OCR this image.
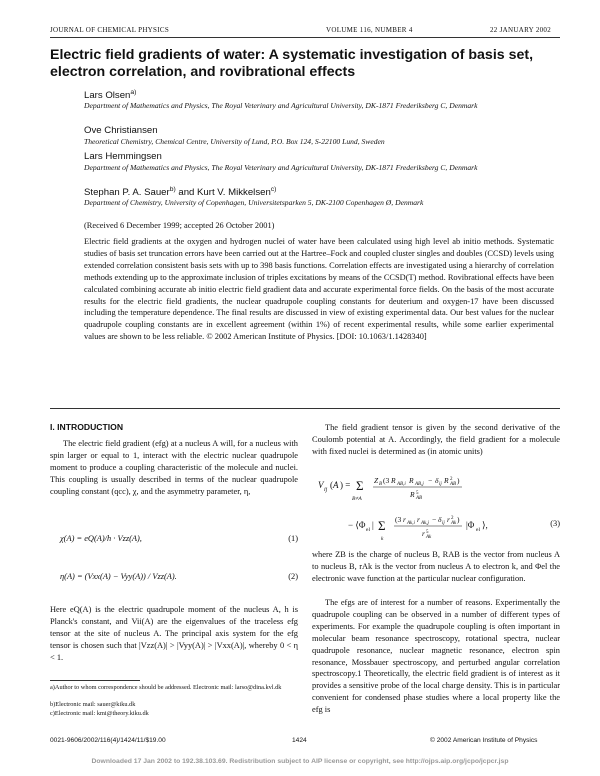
JOURNAL OF CHEMICAL PHYSICS	VOLUME 116, NUMBER 4	22 JANUARY 2002
Electric field gradients of water: A systematic investigation of basis set, electron correlation, and rovibrational effects
Lars Olsen$^{a)}$
Department of Mathematics and Physics, The Royal Veterinary and Agricultural University, DK-1871 Frederiksberg C, Denmark
Ove Christiansen
Theoretical Chemistry, Chemical Centre, University of Lund, P.O. Box 124, S-22100 Lund, Sweden
Lars Hemmingsen
Department of Mathematics and Physics, The Royal Veterinary and Agricultural University, DK-1871 Frederiksberg C, Denmark
Stephan P. A. Sauer$^{b)}$ and Kurt V. Mikkelsen$^{c)}$
Department of Chemistry, University of Copenhagen, Universitetsparken 5, DK-2100 Copenhagen Ø, Denmark
(Received 6 December 1999; accepted 26 October 2001)
Electric field gradients at the oxygen and hydrogen nuclei of water have been calculated using high level ab initio methods. Systematic studies of basis set truncation errors have been carried out at the Hartree–Fock and coupled cluster singles and doubles (CCSD) levels using extended correlation consistent basis sets with up to 398 basis functions. Correlation effects are investigated using a hierarchy of correlation methods extending up to the approximate inclusion of triples excitations by means of the CCSD(T) method. Rovibrational effects have been calculated combining accurate ab initio electric field gradient data and accurate experimental force fields. On the basis of the most accurate results for the electric field gradients, the nuclear quadrupole coupling constants for deuterium and oxygen-17 have been discussed including the temperature dependence. The final results are discussed in view of existing experimental data. Our best values for the nuclear quadrupole coupling constants are in excellent agreement (within 1%) of recent experimental results, while some earlier experimental values are shown to be less reliable. © 2002 American Institute of Physics. [DOI: 10.1063/1.1428340]
I. INTRODUCTION

The electric field gradient (efg) at a nucleus A will, for a nucleus with spin larger or equal to 1, interact with the electric nuclear quadrupole moment to produce a coupling characteristic of the molecule and nuclei. This coupling is usually described in terms of the nuclear quadrupole coupling constant (qcc), χ, and the asymmetry parameter, η,

χ(A) = eQ(A)/h · Vzz(A),	(1)
η(A) = (Vxx(A) − Vyy(A)) / Vzz(A).	(2)

Here eQ(A) is the electric quadrupole moment of the nucleus A, h is Planck's constant, and Vii(A) are the eigenvalues of the traceless efg tensor at the site of nucleus A. The principal axis system for the efg tensor is chosen such that |Vzz(A)| > |Vyy(A)| > |Vxx(A)|, whereby 0 < η < 1.

a)Author to whom correspondence should be addressed. Electronic mail: larso@dina.kvl.dk
b)Electronic mail: sauer@kiku.dk
c)Electronic mail: kmi@theory.kiku.dk

The field gradient tensor is given by the second derivative of the Coulomb potential at A. Accordingly, the field gradient for a molecule with fixed nuclei is determined as (in atomic units)

V ij ( A ) = Σ
B≠A
Z B (3 R AB,i R AB,j − δ ij R 2
AB )
R 5
AB
− ⟨Φ el | Σ
k
(3 r Ak,i r Ak,j − δ ij r 2
Ak )
r 5
Ak
|Φ el ⟩,	(3)

where ZB is the charge of nucleus B, RAB is the vector from nucleus A to nucleus B, rAk is the vector from nucleus A to electron k, and Φel the electronic wave function at the particular nuclear configuration.

The efgs are of interest for a number of reasons. Experimentally the quadrupole coupling can be observed in a number of different types of experiments. For example the quadrupole coupling is often important in molecular beam resonance spectroscopy, rotational spectra, nuclear quadrupole resonance, nuclear magnetic resonance, electron spin resonance, Mossbauer spectroscopy, and perturbed angular correlation spectroscopy.1 Theoretically, the electric field gradient is of interest as it provides a sensitive probe of the local charge density. This is in particular convenient for condensed phase studies where a local property like the efg is

0021-9606/2002/116(4)/1424/11/$19.00	1424	© 2002 American Institute of Physics
Downloaded 17 Jan 2002 to 192.38.103.69. Redistribution subject to AIP license or copyright, see http://ojps.aip.org/jcpo/jcpcr.jsp
